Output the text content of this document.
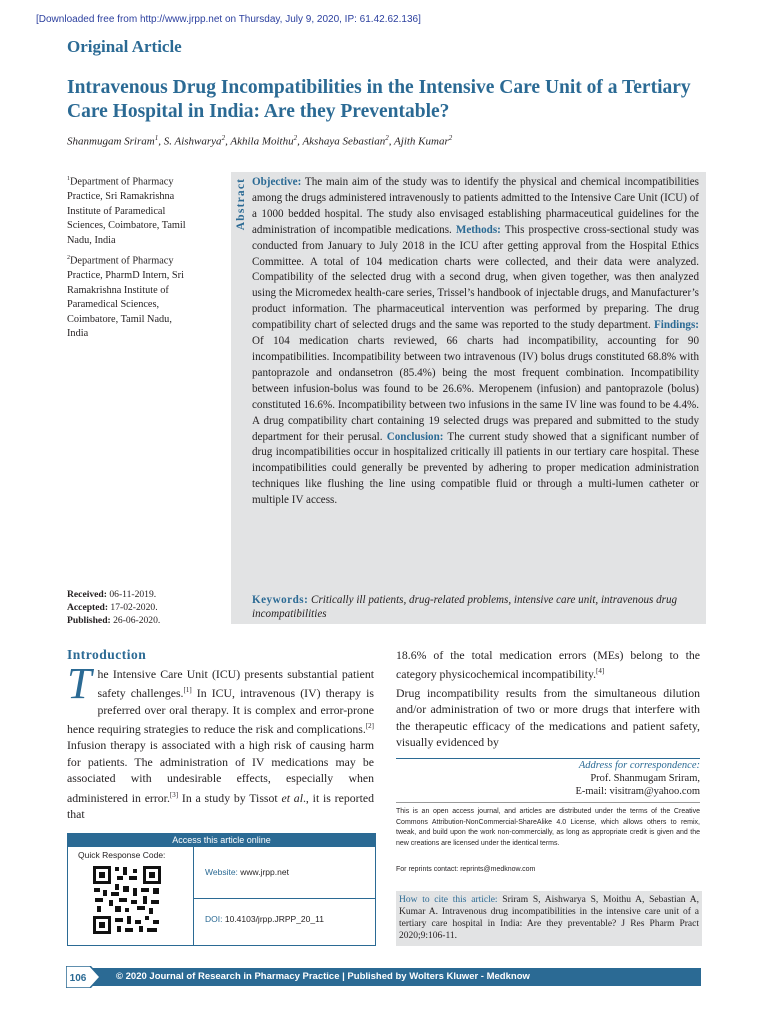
[Downloaded free from http://www.jrpp.net on Thursday, July 9, 2020, IP: 61.42.62.136]
Original Article
Intravenous Drug Incompatibilities in the Intensive Care Unit of a Tertiary Care Hospital in India: Are they Preventable?
Shanmugam Sriram$^1$, S. Aishwarya$^2$, Akhila Moithu$^2$, Akshaya Sebastian$^2$, Ajith Kumar$^2$
$^1$Department of Pharmacy Practice, Sri Ramakrishna Institute of Paramedical Sciences, Coimbatore, Tamil Nadu, India
$^2$Department of Pharmacy Practice, PharmD Intern, Sri Ramakrishna Institute of Paramedical Sciences, Coimbatore, Tamil Nadu, India
Abstract Objective: The main aim of the study was to identify the physical and chemical incompatibilities among the drugs administered intravenously to patients admitted to the Intensive Care Unit (ICU) of a 1000 bedded hospital. The study also envisaged establishing pharmaceutical guidelines for the administration of incompatible medications. Methods: This prospective cross-sectional study was conducted from January to July 2018 in the ICU after getting approval from the Hospital Ethics Committee. A total of 104 medication charts were collected, and their data were analyzed. Compatibility of the selected drug with a second drug, when given together, was then analyzed using the Micromedex health-care series, Trissel’s handbook of injectable drugs, and Manufacturer’s product information. The pharmaceutical intervention was performed by preparing. The drug compatibility chart of selected drugs and the same was reported to the study department. Findings: Of 104 medication charts reviewed, 66 charts had incompatibility, accounting for 90 incompatibilities. Incompatibility between two intravenous (IV) bolus drugs constituted 68.8% with pantoprazole and ondansetron (85.4%) being the most frequent combination. Incompatibility between infusion-bolus was found to be 26.6%. Meropenem (infusion) and pantoprazole (bolus) constituted 16.6%. Incompatibility between two infusions in the same IV line was found to be 4.4%. A drug compatibility chart containing 19 selected drugs was prepared and submitted to the study department for their perusal. Conclusion: The current study showed that a significant number of drug incompatibilities occur in hospitalized critically ill patients in our tertiary care hospital. These incompatibilities could generally be prevented by adhering to proper medication administration techniques like flushing the line using compatible fluid or through a multi-lumen catheter or multiple IV access.
Keywords: Critically ill patients, drug-related problems, intensive care unit, intravenous drug incompatibilities
Received: 06-11-2019.
Accepted: 17-02-2020.
Published: 26-06-2020.
Introduction
The Intensive Care Unit (ICU) presents substantial patient safety challenges.[1] In ICU, intravenous (IV) therapy is preferred over oral therapy. It is complex and error-prone hence requiring strategies to reduce the risk and complications.[2] Infusion therapy is associated with a high risk of causing harm for patients. The administration of IV medications may be associated with undesirable effects, especially when administered in error.[3] In a study by Tissot et al., it is reported that
18.6% of the total medication errors (MEs) belong to the category physicochemical incompatibility.[4]
Drug incompatibility results from the simultaneous dilution and/or administration of two or more drugs that interfere with the therapeutic efficacy of the medications and patient safety, visually evidenced by
Address for correspondence:
Prof. Shanmugam Sriram,
E-mail: visitram@yahoo.com
This is an open access journal, and articles are distributed under the terms of the Creative Commons Attribution-NonCommercial-ShareAlike 4.0 License, which allows others to remix, tweak, and build upon the work non-commercially, as long as appropriate credit is given and the new creations are licensed under the identical terms.
For reprints contact: reprints@medknow.com
How to cite this article: Sriram S, Aishwarya S, Moithu A, Sebastian A, Kumar A. Intravenous drug incompatibilities in the intensive care unit of a tertiary care hospital in India: Are they preventable? J Res Pharm Pract 2020;9:106-11.
Access this article online
Quick Response Code:
Website: www.jrpp.net
DOI: 10.4103/jrpp.JRPP_20_11
106	© 2020 Journal of Research in Pharmacy Practice | Published by Wolters Kluwer - Medknow
